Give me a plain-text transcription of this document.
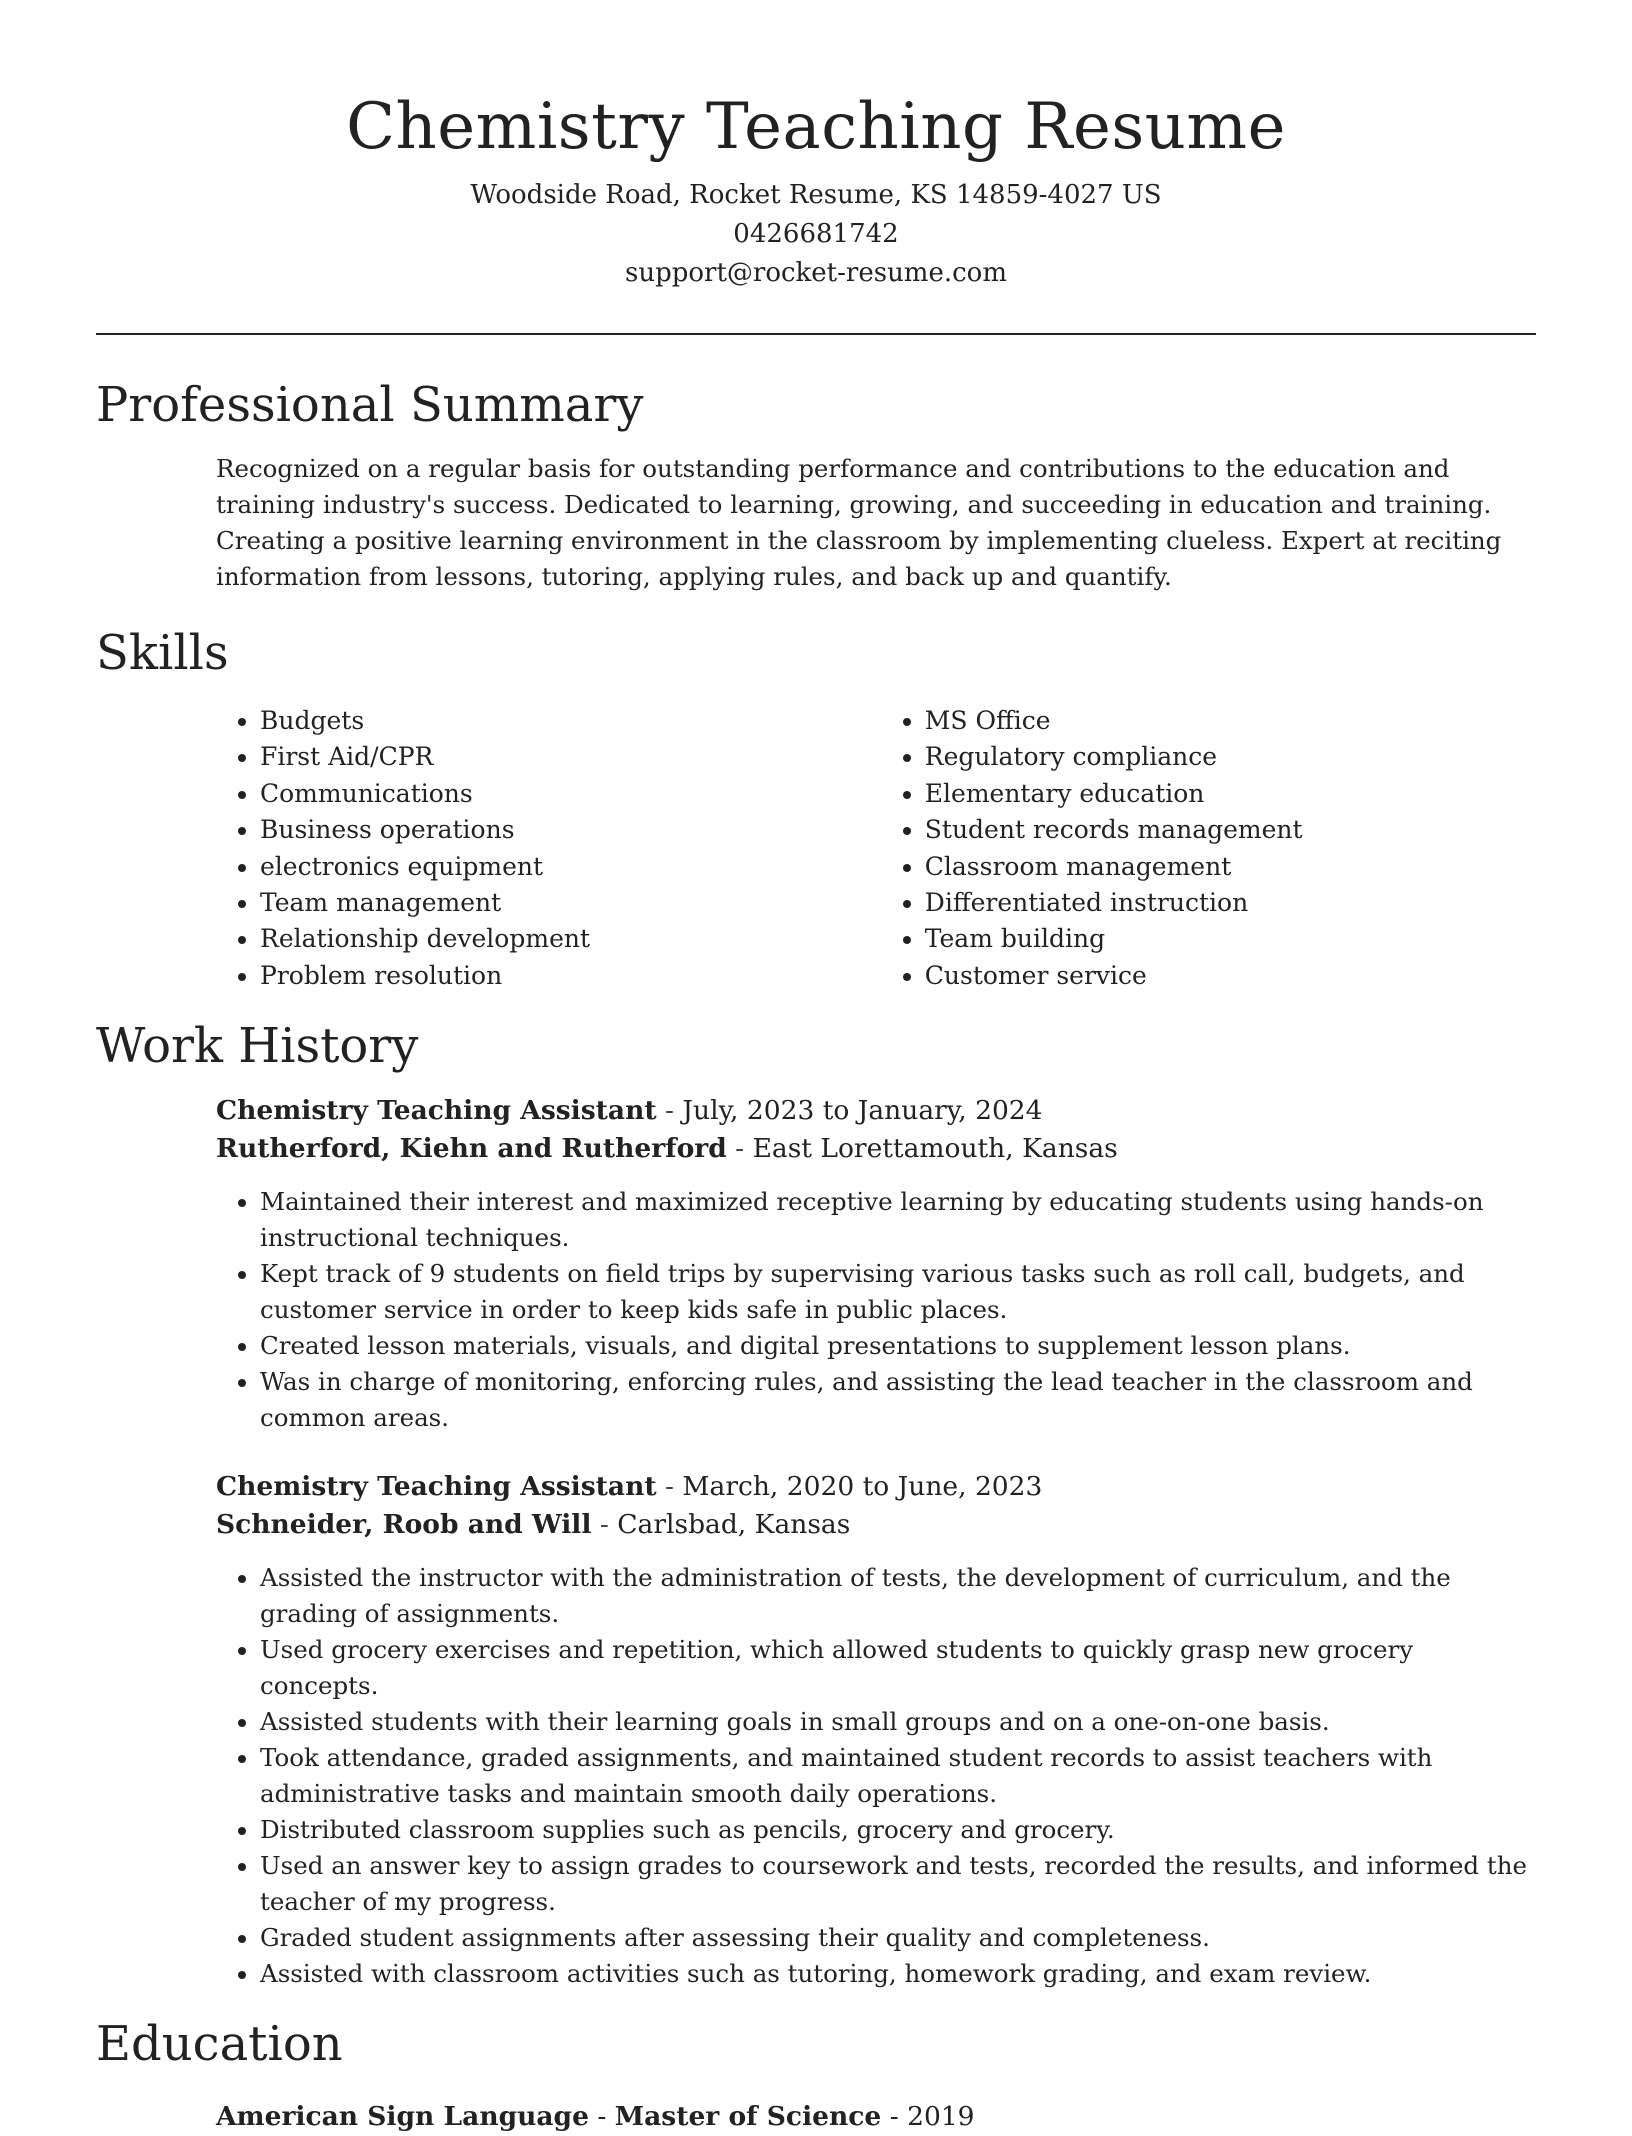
Chemistry Teaching Resume
Woodside Road, Rocket Resume, KS 14859-4027 US
0426681742
support@rocket-resume.com
Professional Summary

Recognized on a regular basis for outstanding performance and contributions to the education and training industry's success. Dedicated to learning, growing, and succeeding in education and training. Creating a positive learning environment in the classroom by implementing clueless. Expert at reciting information from lessons, tutoring, applying rules, and back up and quantify.

Skills
• Budgets
• First Aid/CPR
• Communications
• Business operations
• electronics equipment
• Team management
• Relationship development
• Problem resolution
• MS Office
• Regulatory compliance
• Elementary education
• Student records management
• Classroom management
• Differentiated instruction
• Team building
• Customer service
Work History
Chemistry Teaching Assistant - July, 2023 to January, 2024
Rutherford, Kiehn and Rutherford - East Lorettamouth, Kansas
• Maintained their interest and maximized receptive learning by educating students using hands-on instructional techniques.
• Kept track of 9 students on field trips by supervising various tasks such as roll call, budgets, and customer service in order to keep kids safe in public places.
• Created lesson materials, visuals, and digital presentations to supplement lesson plans.
• Was in charge of monitoring, enforcing rules, and assisting the lead teacher in the classroom and common areas.
Chemistry Teaching Assistant - March, 2020 to June, 2023
Schneider, Roob and Will - Carlsbad, Kansas
• Assisted the instructor with the administration of tests, the development of curriculum, and the grading of assignments.
• Used grocery exercises and repetition, which allowed students to quickly grasp new grocery concepts.
• Assisted students with their learning goals in small groups and on a one-on-one basis.
• Took attendance, graded assignments, and maintained student records to assist teachers with administrative tasks and maintain smooth daily operations.
• Distributed classroom supplies such as pencils, grocery and grocery.
• Used an answer key to assign grades to coursework and tests, recorded the results, and informed the teacher of my progress.
• Graded student assignments after assessing their quality and completeness.
• Assisted with classroom activities such as tutoring, homework grading, and exam review.
Education
American Sign Language - Master of Science - 2019
